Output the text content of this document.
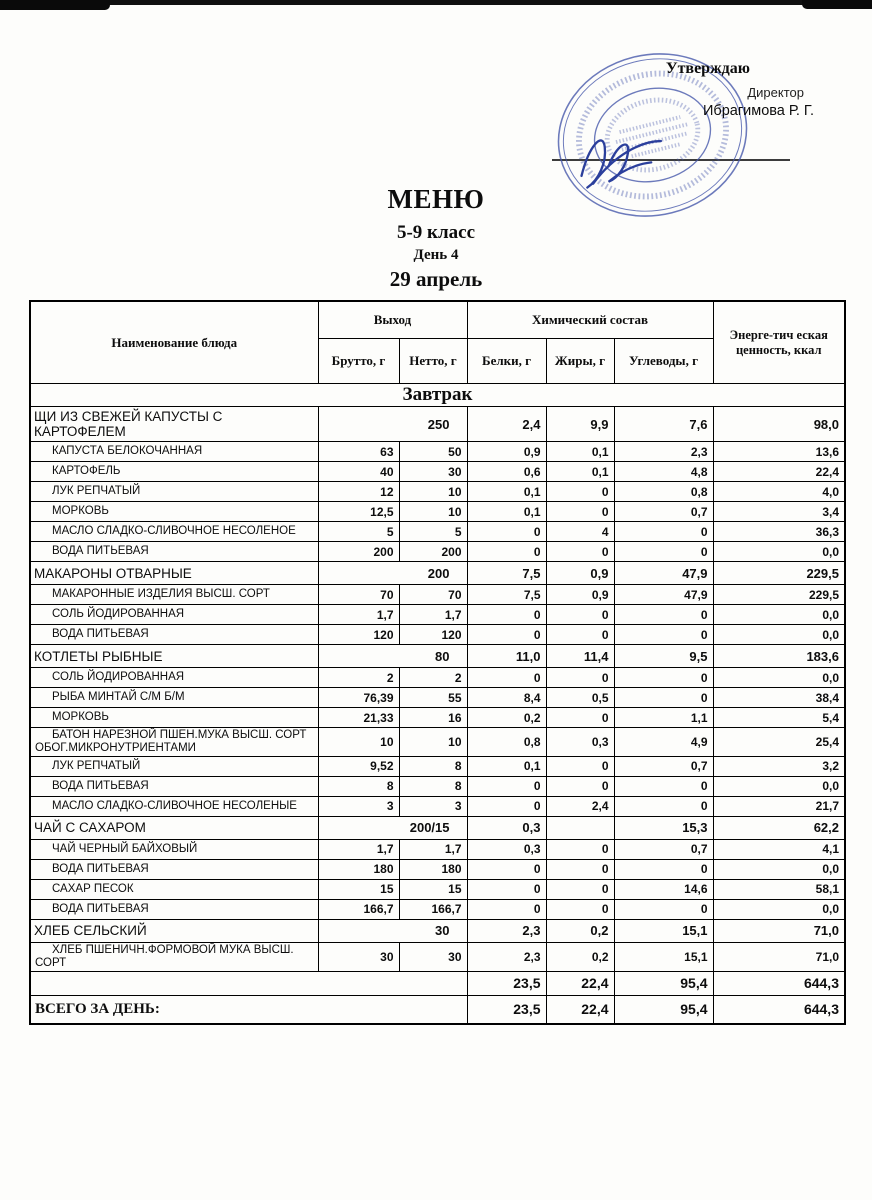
Утверждаю
Директор
Ибрагимова Р. Г.
МЕНЮ
5-9 класс
День 4
29 апрель
Наименование блюда	Выход		Химический состав			Энерге-тич еская ценность, ккал
	Брутто, г	Нетто, г	Белки, г	Жиры, г	Углеводы, г	
Завтрак						
ЩИ ИЗ СВЕЖЕЙ КАПУСТЫ С КАРТОФЕЛЕМ	250		2,4	9,9	7,6	98,0
КАПУСТА БЕЛОКОЧАННАЯ	63	50	0,9	0,1	2,3	13,6
КАРТОФЕЛЬ	40	30	0,6	0,1	4,8	22,4
ЛУК РЕПЧАТЫЙ	12	10	0,1	0	0,8	4,0
МОРКОВЬ	12,5	10	0,1	0	0,7	3,4
МАСЛО СЛАДКО-СЛИВОЧНОЕ НЕСОЛЕНОЕ	5	5	0	4	0	36,3
ВОДА ПИТЬЕВАЯ	200	200	0	0	0	0,0
МАКАРОНЫ ОТВАРНЫЕ	200		7,5	0,9	47,9	229,5
МАКАРОННЫЕ ИЗДЕЛИЯ ВЫСШ. СОРТ	70	70	7,5	0,9	47,9	229,5
СОЛЬ ЙОДИРОВАННАЯ	1,7	1,7	0	0	0	0,0
ВОДА ПИТЬЕВАЯ	120	120	0	0	0	0,0
КОТЛЕТЫ РЫБНЫЕ	80		11,0	11,4	9,5	183,6
СОЛЬ ЙОДИРОВАННАЯ	2	2	0	0	0	0,0
РЫБА МИНТАЙ С/М Б/М	76,39	55	8,4	0,5	0	38,4
МОРКОВЬ	21,33	16	0,2	0	1,1	5,4
БАТОН НАРЕЗНОЙ ПШЕН.МУКА ВЫСШ. СОРТ ОБОГ.МИКРОНУТРИЕНТАМИ	10	10	0,8	0,3	4,9	25,4
ЛУК РЕПЧАТЫЙ	9,52	8	0,1	0	0,7	3,2
ВОДА ПИТЬЕВАЯ	8	8	0	0	0	0,0
МАСЛО СЛАДКО-СЛИВОЧНОЕ НЕСОЛЕНЫЕ	3	3	0	2,4	0	21,7
ЧАЙ С САХАРОМ	200/15		0,3		15,3	62,2
ЧАЙ ЧЕРНЫЙ БАЙХОВЫЙ	1,7	1,7	0,3	0	0,7	4,1
ВОДА ПИТЬЕВАЯ	180	180	0	0	0	0,0
САХАР ПЕСОК	15	15	0	0	14,6	58,1
ВОДА ПИТЬЕВАЯ	166,7	166,7	0	0	0	0,0
ХЛЕБ СЕЛЬСКИЙ	30		2,3	0,2	15,1	71,0
ХЛЕБ ПШЕНИЧН.ФОРМОВОЙ МУКА ВЫСШ. СОРТ	30	30	2,3	0,2	15,1	71,0
			23,5	22,4	95,4	644,3
ВСЕГО ЗА ДЕНЬ:			23,5	22,4	95,4	644,3
